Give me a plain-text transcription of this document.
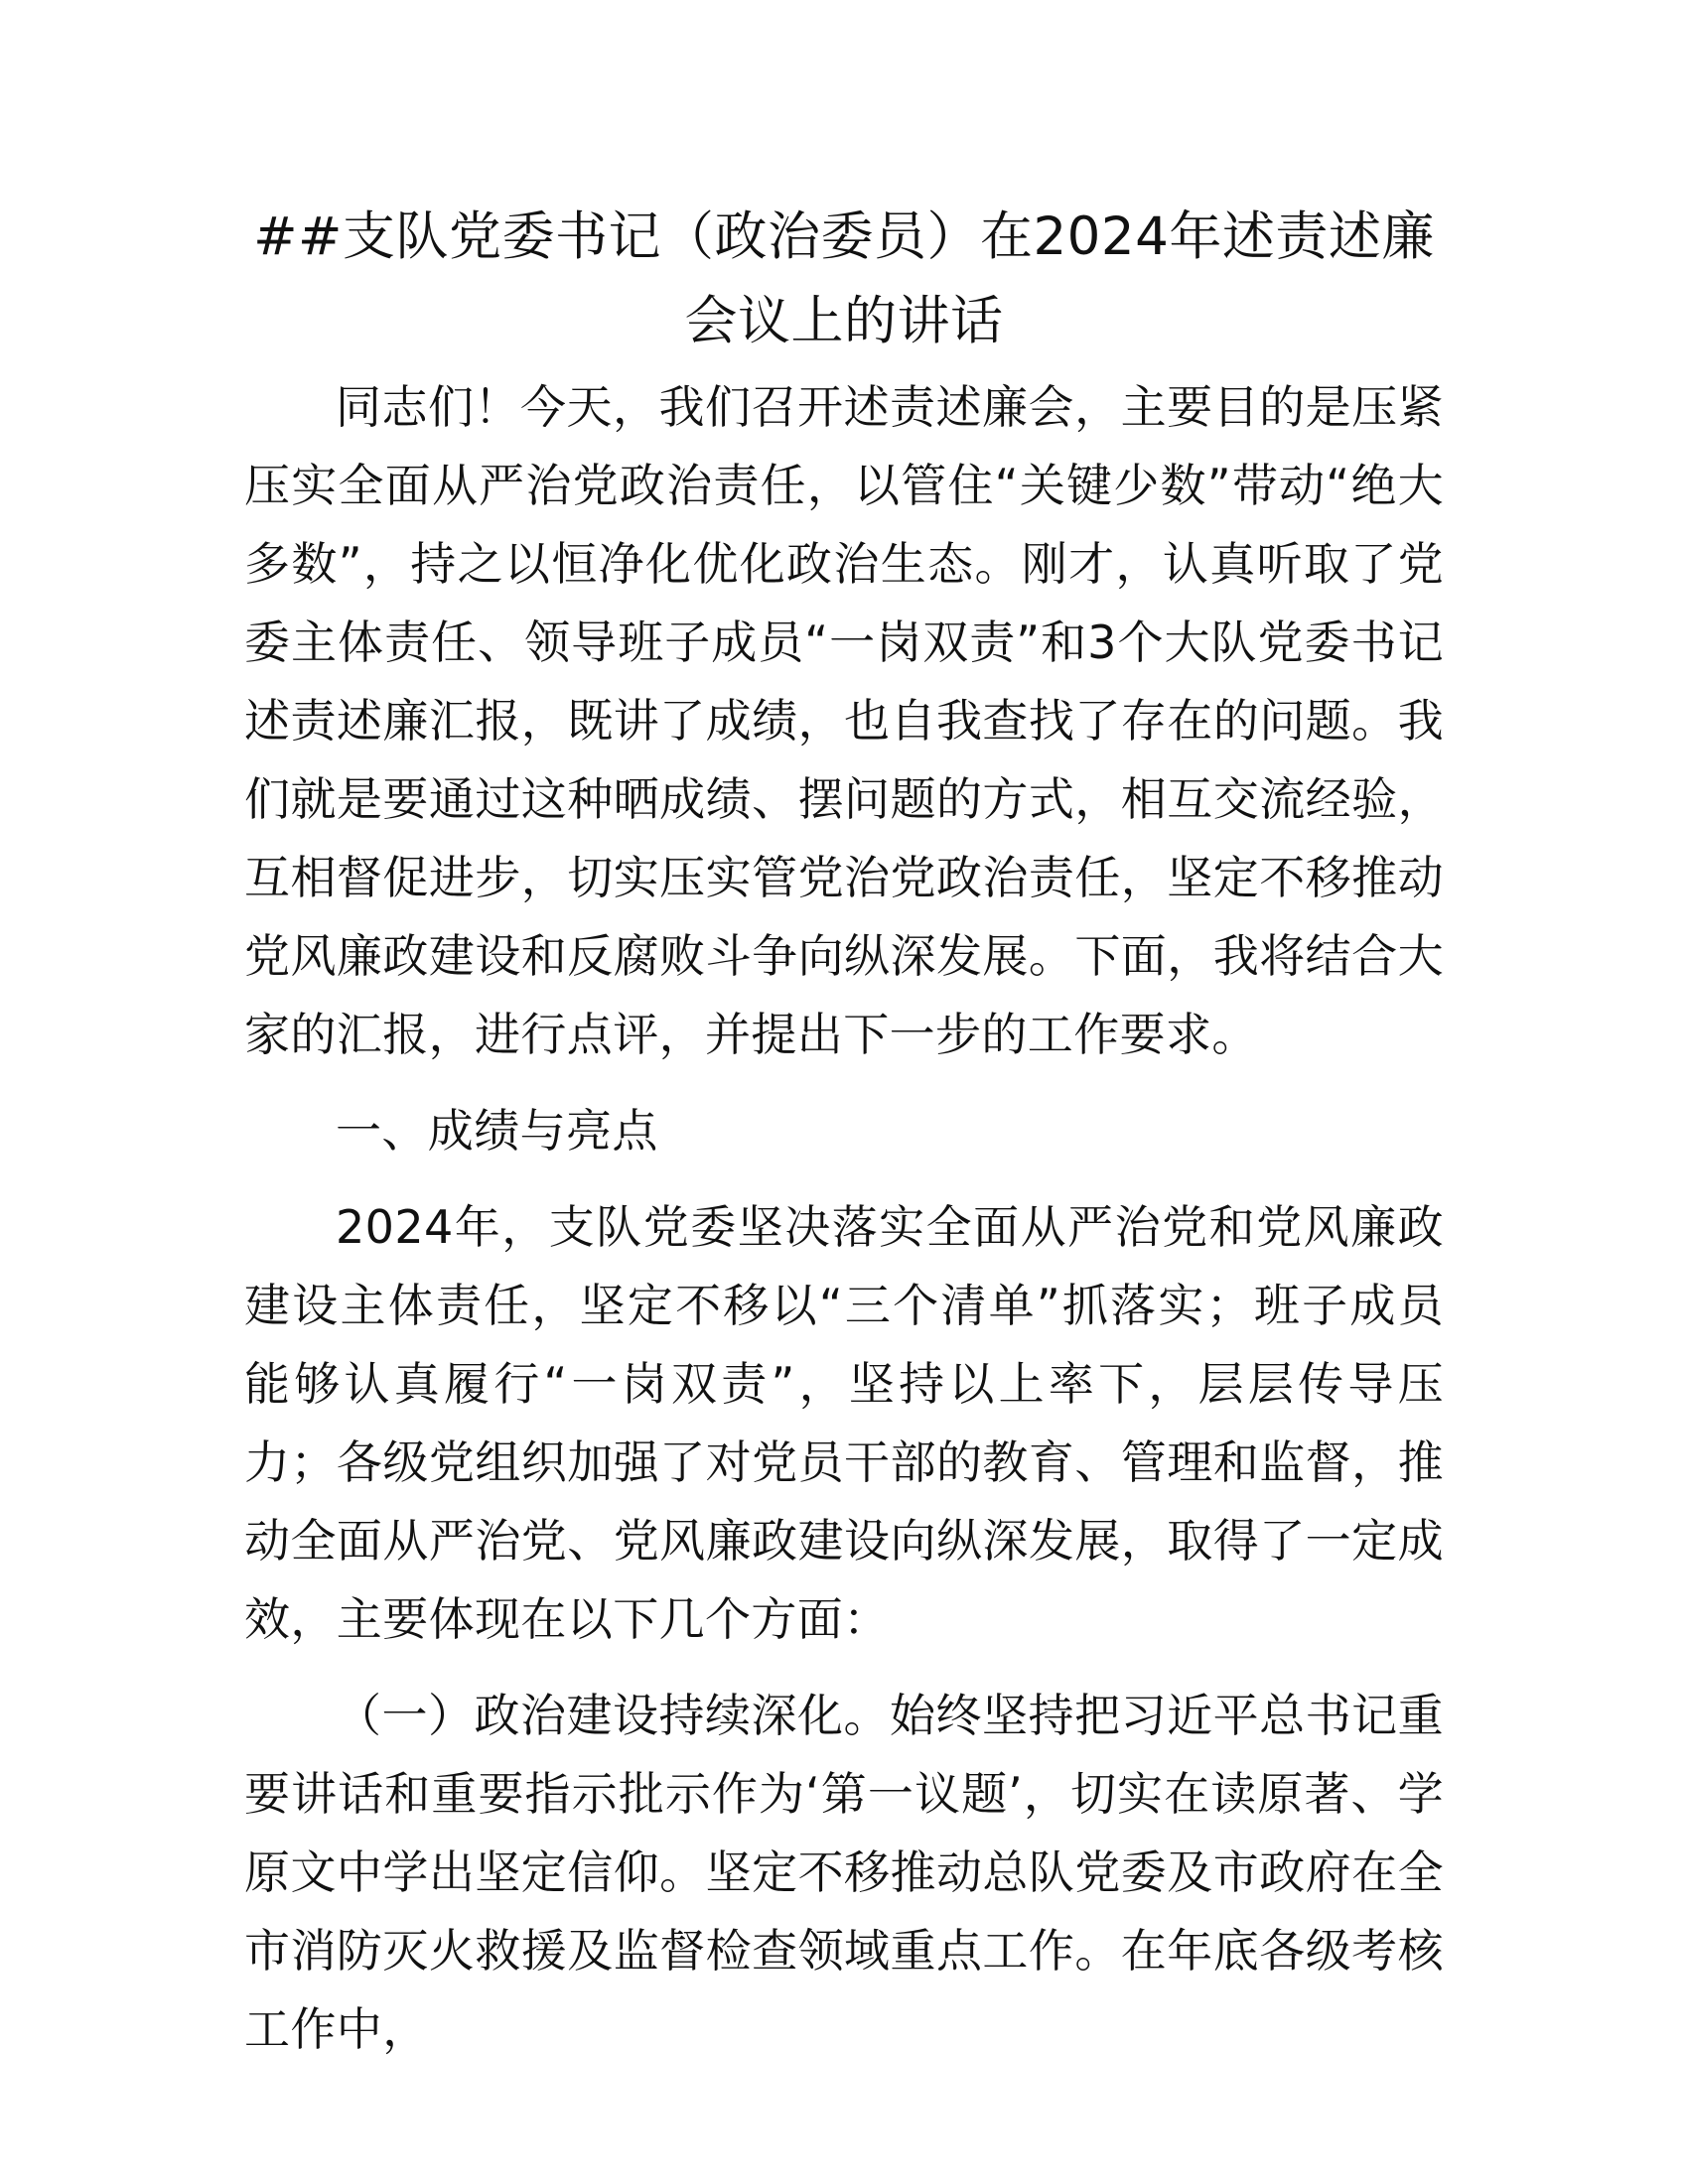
##支队党委书记（政治委员）在2024年述责述廉会议上的讲话

同志们！今天，我们召开述责述廉会，主要目的是压紧压实全面从严治党政治责任，以管住“关键少数”带动“绝大多数”，持之以恒净化优化政治生态。刚才，认真听取了党委主体责任、领导班子成员“一岗双责”和3个大队党委书记述责述廉汇报，既讲了成绩，也自我查找了存在的问题。我们就是要通过这种晒成绩、摆问题的方式，相互交流经验，互相督促进步，切实压实管党治党政治责任，坚定不移推动党风廉政建设和反腐败斗争向纵深发展。下面，我将结合大家的汇报，进行点评，并提出下一步的工作要求。

一、成绩与亮点

2024年，支队党委坚决落实全面从严治党和党风廉政建设主体责任，坚定不移以“三个清单”抓落实；班子成员能够认真履行“一岗双责”，坚持以上率下，层层传导压力；各级党组织加强了对党员干部的教育、管理和监督，推动全面从严治党、党风廉政建设向纵深发展，取得了一定成效，主要体现在以下几个方面：

（一）政治建设持续深化。始终坚持把习近平总书记重要讲话和重要指示批示作为‘第一议题’，切实在读原著、学原文中学出坚定信仰。坚定不移推动总队党委及市政府在全市消防灭火救援及监督检查领域重点工作。在年底各级考核工作中，
